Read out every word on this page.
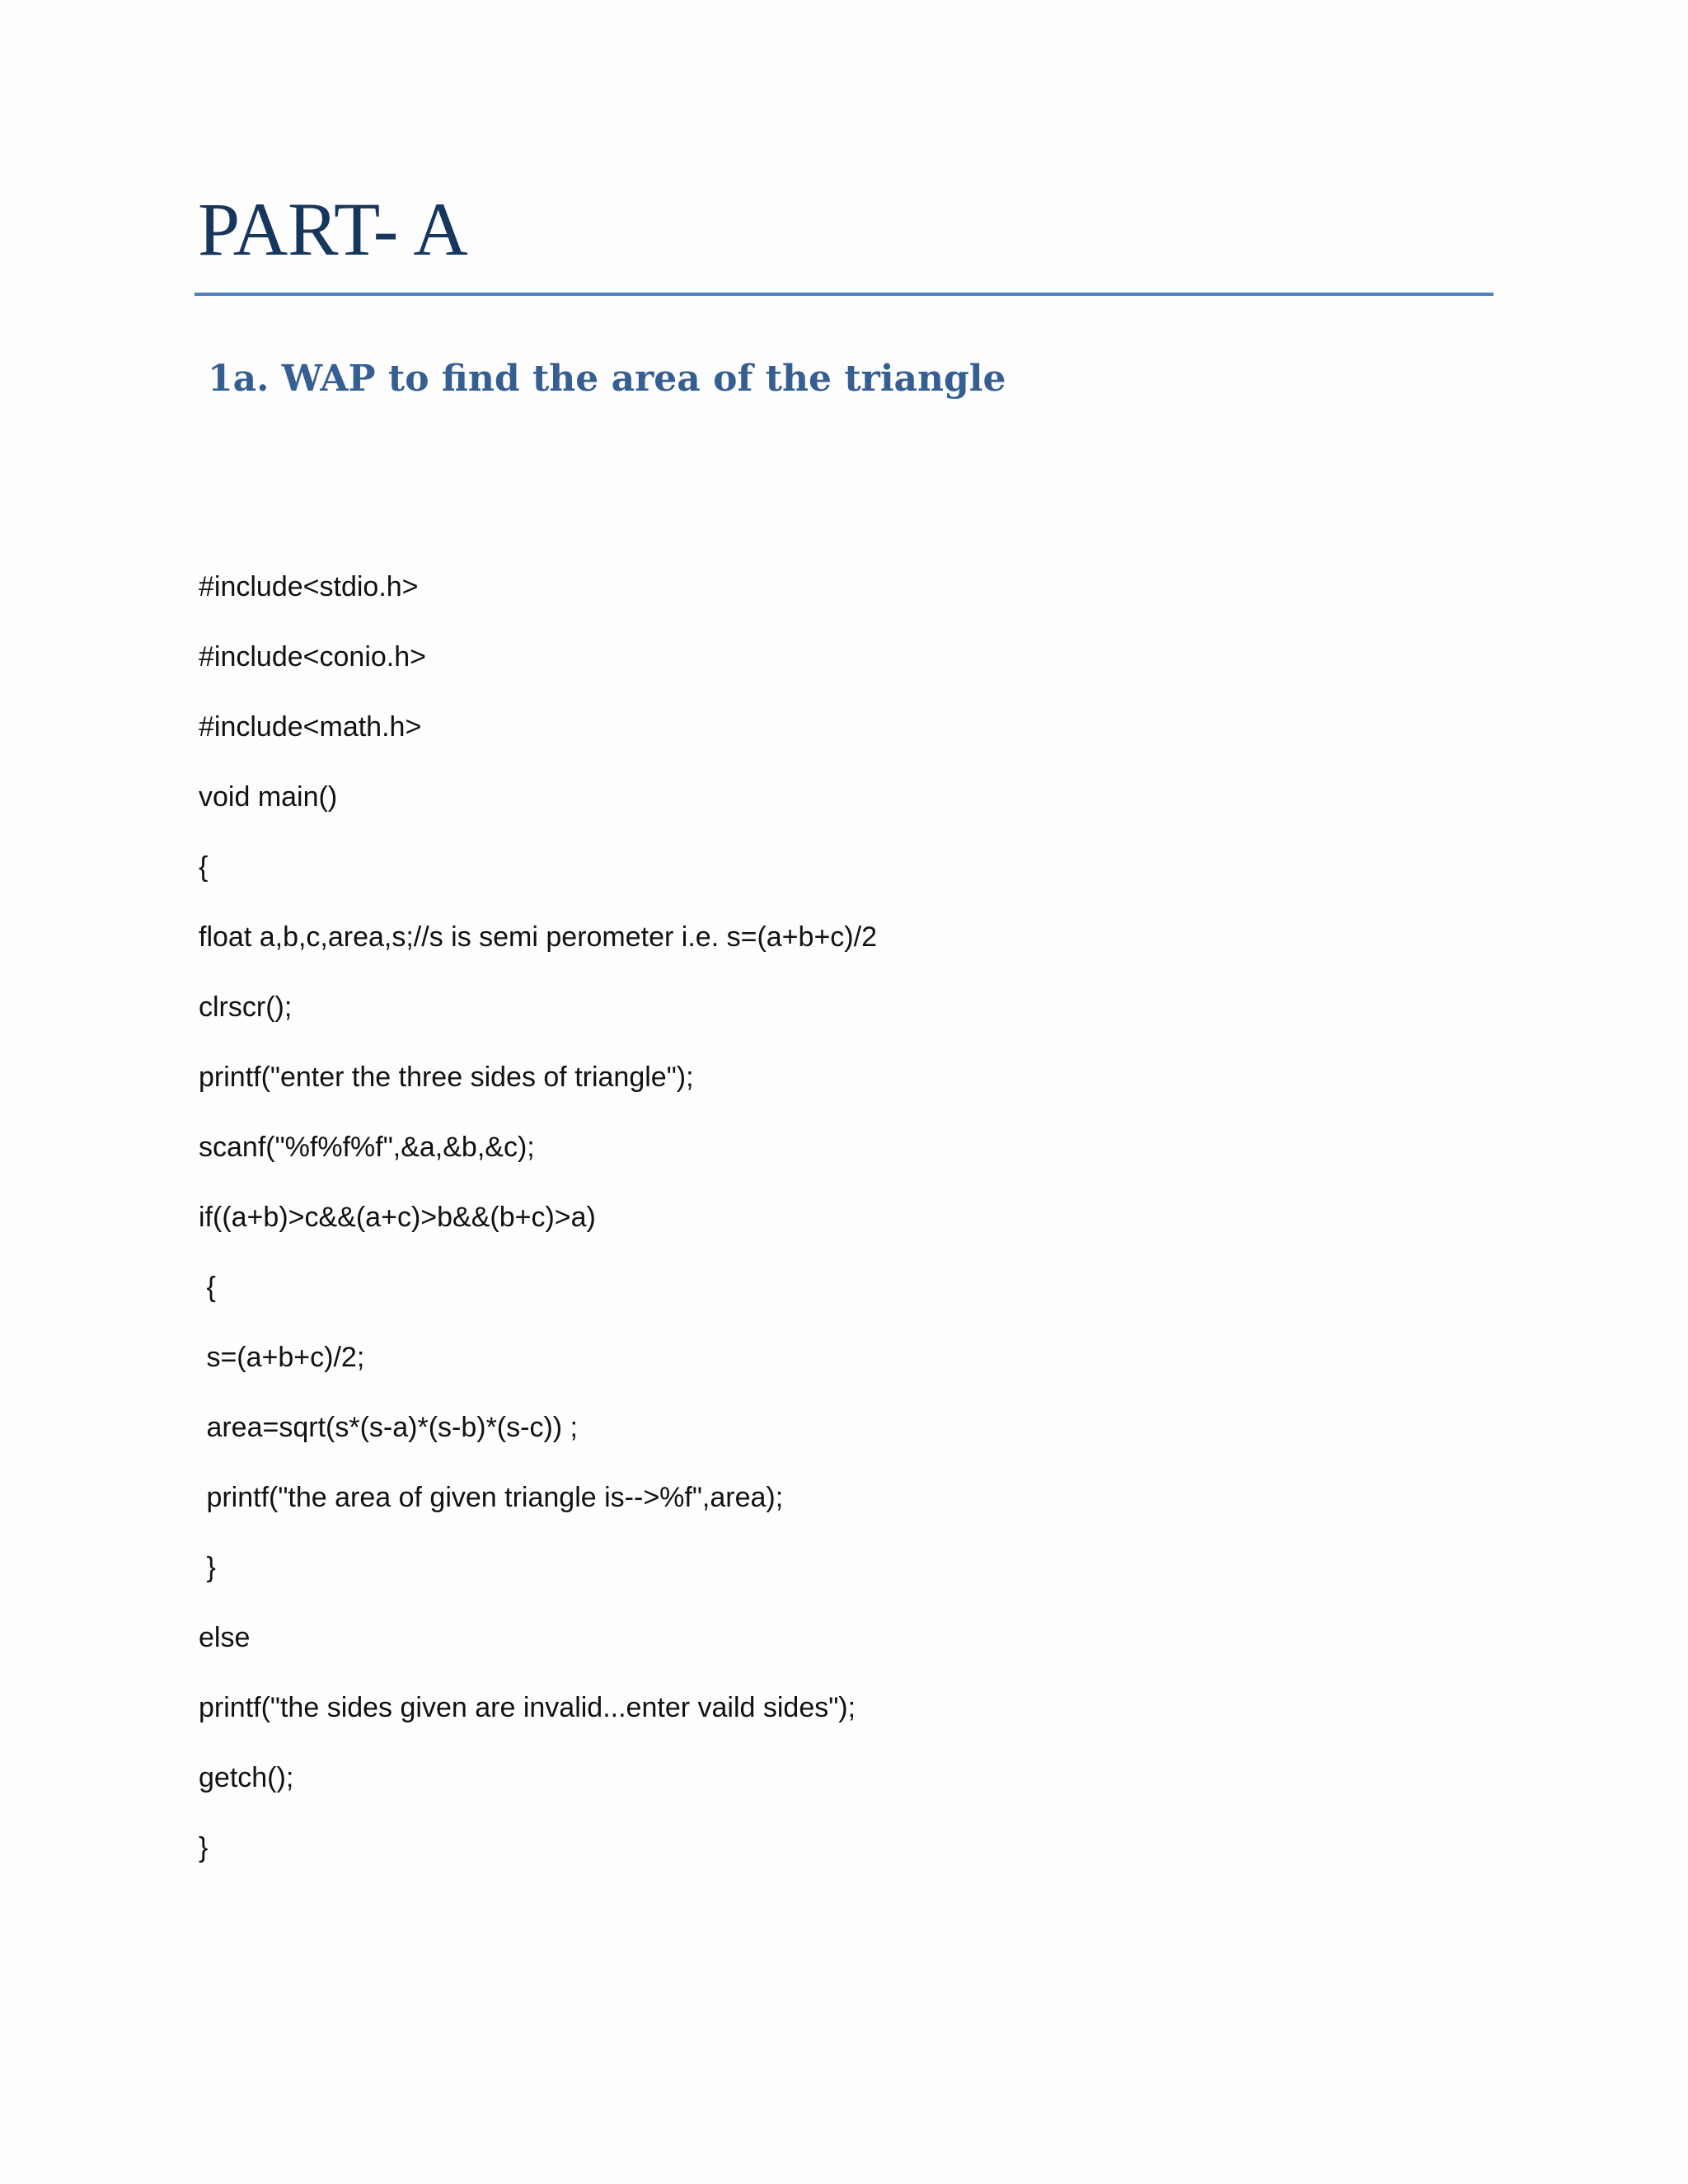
PART- A
1a. WAP to find the area of the triangle
#include<stdio.h>
#include<conio.h>
#include<math.h>
void main()
{
float a,b,c,area,s;//s is semi perometer i.e. s=(a+b+c)/2
clrscr();
printf("enter the three sides of triangle");
scanf("%f%f%f",&a,&b,&c);
if((a+b)>c&&(a+c)>b&&(b+c)>a)
{
s=(a+b+c)/2;
area=sqrt(s*(s-a)*(s-b)*(s-c)) ;
printf("the area of given triangle is-->%f",area);
}
else
printf("the sides given are invalid...enter vaild sides");
getch();
}
